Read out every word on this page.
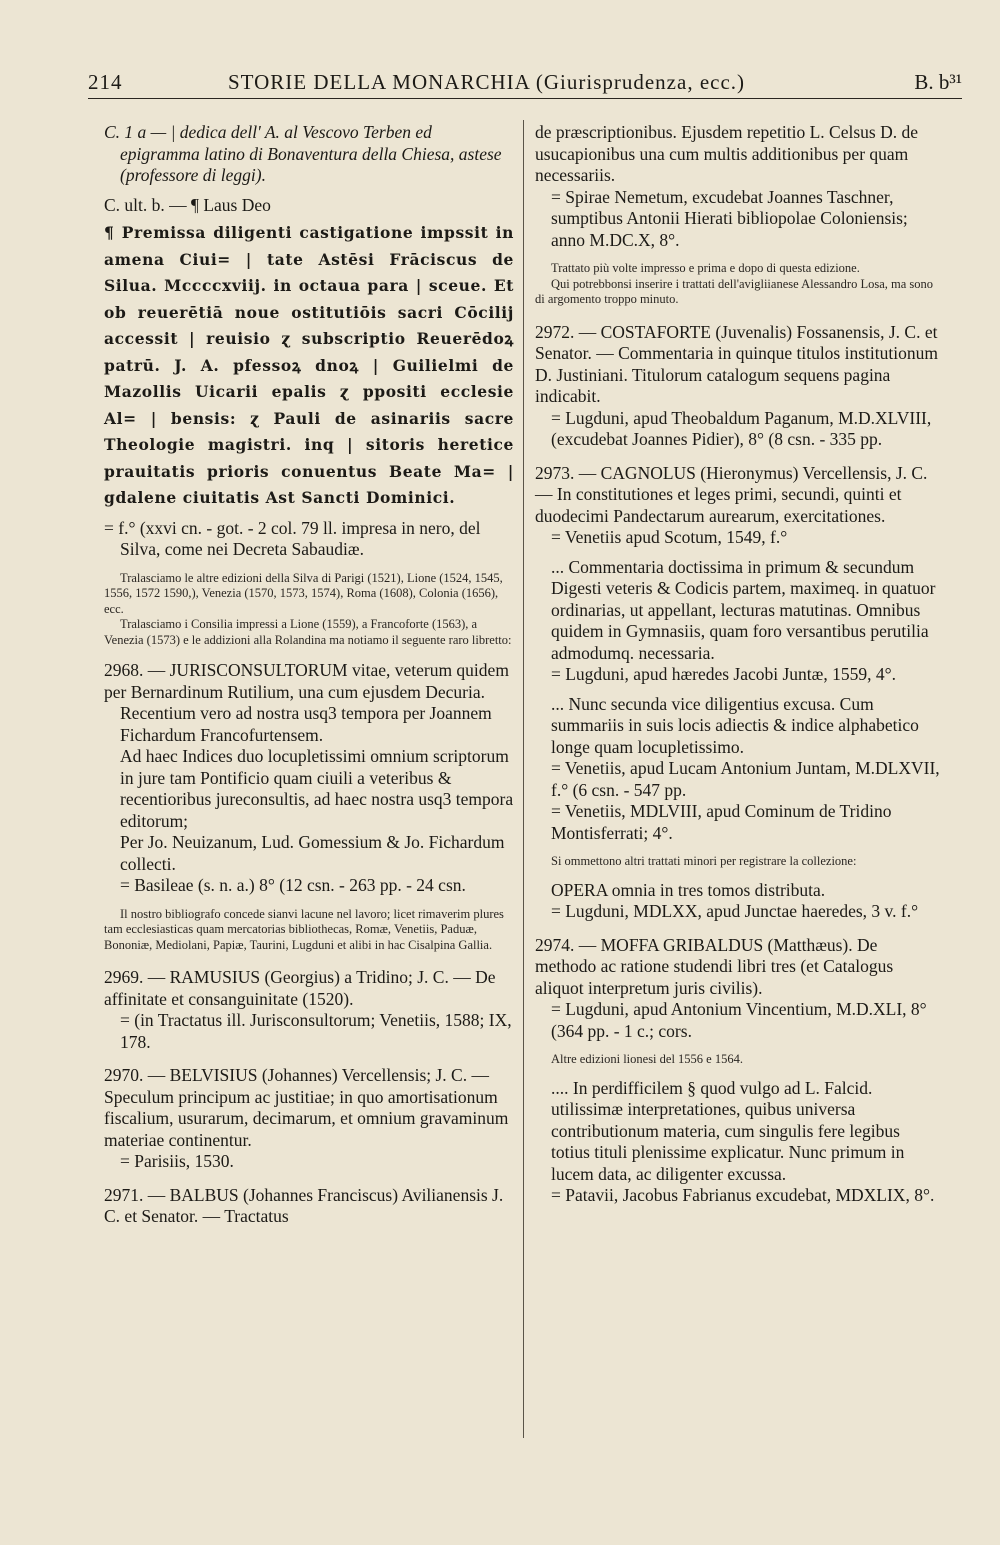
214	STORIE DELLA MONARCHIA (Giurisprudenza, ecc.)	B. b³¹

C. 1 a — | dedica dell' A. al Vescovo Terben ed epigramma latino di Bonaventura della Chiesa, astese (professore di leggi).

C. ult. b. — ¶ Laus Deo

¶ Premissa diligenti castigatione impssit in amena Ciui= | tate Astēsi Frāciscus de Silua. Mccccxviij. in octaua para | sceue. Et ob reuerētiā noue ostitutiōis sacri Cōcilij accessit | reuisio ɀ subscriptio Reuerēdoꝝ patrū. J. A. pfessoꝝ dnoꝝ | Guilielmi de Mazollis Uicarii epalis ɀ ppositi ecclesie Al= | bensis: ɀ Pauli de asinariis sacre Theologie magistri. inq | sitoris heretice prauitatis prioris conuentus Beate Ma= | gdalene ciuitatis Ast Sancti Dominici.

= f.° (xxvi cn. - got. - 2 col. 79 ll. impresa in nero, del Silva, come nei Decreta Sabaudiæ.

Tralasciamo le altre edizioni della Silva di Parigi (1521), Lione (1524, 1545, 1556, 1572 1590,), Venezia (1570, 1573, 1574), Roma (1608), Colonia (1656), ecc.

Tralasciamo i Consilia impressi a Lione (1559), a Francoforte (1563), a Venezia (1573) e le addizioni alla Rolandina ma notiamo il seguente raro libretto:

2968. — JURISCONSULTORUM vitae, veterum quidem per Bernardinum Rutilium, una cum ejusdem Decuria.

Recentium vero ad nostra usq3 tempora per Joannem Fichardum Francofurtensem.

Ad haec Indices duo locupletissimi omnium scriptorum in jure tam Pontificio quam ciuili a veteribus & recentioribus jureconsultis, ad haec nostra usq3 tempora editorum;

Per Jo. Neuizanum, Lud. Gomessium & Jo. Fichardum collecti.

= Basileae (s. n. a.) 8° (12 csn. - 263 pp. - 24 csn.

Il nostro bibliografo concede sianvi lacune nel lavoro; licet rimaverim plures tam ecclesiasticas quam mercatorias bibliothecas, Romæ, Venetiis, Paduæ, Bononiæ, Mediolani, Papiæ, Taurini, Lugduni et alibi in hac Cisalpina Gallia.

2969. — RAMUSIUS (Georgius) a Tridino; J. C. — De affinitate et consanguinitate (1520).

= (in Tractatus ill. Jurisconsultorum; Venetiis, 1588; IX, 178.

2970. — BELVISIUS (Johannes) Vercellensis; J. C. — Speculum principum ac justitiae; in quo amortisationum fiscalium, usurarum, decimarum, et omnium gravaminum materiae continentur.

= Parisiis, 1530.

2971. — BALBUS (Johannes Franciscus) Avilianensis J. C. et Senator. — Tractatus

de præscriptionibus. Ejusdem repetitio L. Celsus D. de usucapionibus una cum multis additionibus per quam necessariis.

= Spirae Nemetum, excudebat Joannes Taschner, sumptibus Antonii Hierati bibliopolae Coloniensis; anno M.DC.X, 8°.

Trattato più volte impresso e prima e dopo di questa edizione.

Qui potrebbonsi inserire i trattati dell'avigliianese Alessandro Losa, ma sono di argomento troppo minuto.

2972. — COSTAFORTE (Juvenalis) Fossanensis, J. C. et Senator. — Commentaria in quinque titulos institutionum D. Justiniani. Titulorum catalogum sequens pagina indicabit.

= Lugduni, apud Theobaldum Paganum, M.D.XLVIII, (excudebat Joannes Pidier), 8° (8 csn. - 335 pp.

2973. — CAGNOLUS (Hieronymus) Vercellensis, J. C. — In constitutiones et leges primi, secundi, quinti et duodecimi Pandectarum aurearum, exercitationes.

= Venetiis apud Scotum, 1549, f.°

... Commentaria doctissima in primum & secundum Digesti veteris & Codicis partem, maximeq. in quatuor ordinarias, ut appellant, lecturas matutinas. Omnibus quidem in Gymnasiis, quam foro versantibus perutilia admodumq. necessaria.

= Lugduni, apud hæredes Jacobi Juntæ, 1559, 4°.

... Nunc secunda vice diligentius excusa. Cum summariis in suis locis adiectis & indice alphabetico longe quam locupletissimo.

= Venetiis, apud Lucam Antonium Juntam, M.DLXVII, f.° (6 csn. - 547 pp.

= Venetiis, MDLVIII, apud Cominum de Tridino Montisferrati; 4°.

Si ommettono altri trattati minori per registrare la collezione:

OPERA omnia in tres tomos distributa.

= Lugduni, MDLXX, apud Junctae haeredes, 3 v. f.°

2974. — MOFFA GRIBALDUS (Matthæus). De methodo ac ratione studendi libri tres (et Catalogus aliquot interpretum juris civilis).

= Lugduni, apud Antonium Vincentium, M.D.XLI, 8° (364 pp. - 1 c.; cors.

Altre edizioni lionesi del 1556 e 1564.

.... In perdifficilem § quod vulgo ad L. Falcid. utilissimæ interpretationes, quibus universa contributionum materia, cum singulis fere legibus totius tituli plenissime explicatur. Nunc primum in lucem data, ac diligenter excussa.

= Patavii, Jacobus Fabrianus excudebat, MDXLIX, 8°.
